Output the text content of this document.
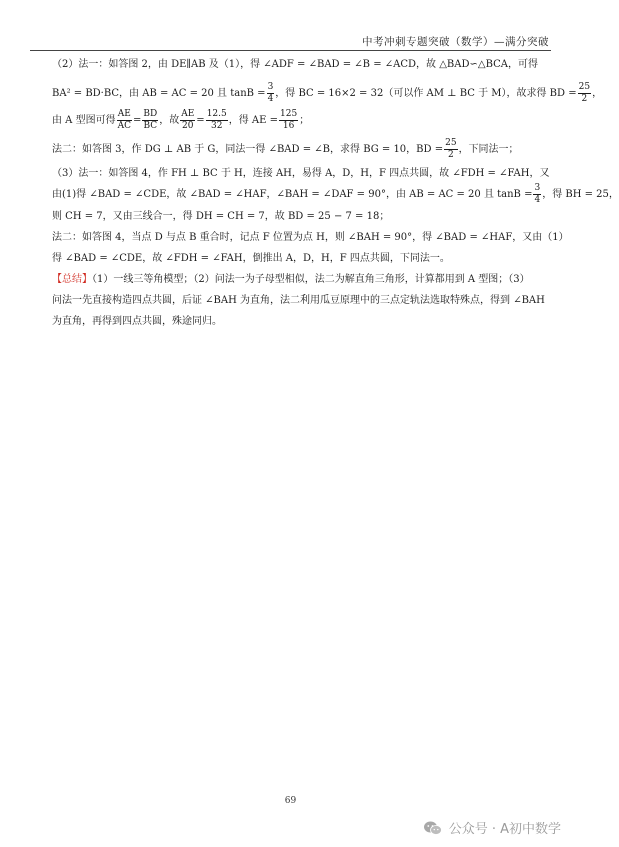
中考冲刺专题突破（数学）—满分突破

（2）法一：如答图 2，由 DE∥AB 及（1），得 ∠ADF = ∠BAD = ∠B = ∠ACD，故 △BAD∽△BCA，可得

BA² = BD·BC，由 AB = AC = 20 且 $\tan B = \frac{3}{4}$ ，得 BC = 16×2 = 32（可以作 AM ⊥ BC 于 M），故求得 BD = $\frac{25}{2}$ ，
由 A 型图可得 $\frac{AE}{AC} = \frac{BD}{BC}$ ，故 $\frac{AE}{20} = \frac{12.5}{32}$ ，得 AE = $\frac{125}{16}$ ；
法二：如答图 3，作 DG ⊥ AB 于 G，同法一得 ∠BAD = ∠B，求得 BG = 10，BD = $\frac{25}{2}$ ，下同法一；

（3）法一：如答图 4，作 FH ⊥ BC 于 H，连接 AH，易得 A，D，H，F 四点共圆，故 ∠FDH = ∠FAH，又

由(1)得 ∠BAD = ∠CDE，故 ∠BAD = ∠HAF，∠BAH = ∠DAF = 90°，由 AB = AC = 20 且 $\tan B = \frac{3}{4}$ ，得 BH = 25，

则 CH = 7，又由三线合一，得 DH = CH = 7，故 BD = 25 − 7 = 18；

法二：如答图 4，当点 D 与点 B 重合时，记点 F 位置为点 H，则 ∠BAH = 90°，得 ∠BAD = ∠HAF，又由（1）

得 ∠BAD = ∠CDE，故 ∠FDH = ∠FAH，倒推出 A，D，H，F 四点共圆，下同法一。

【总结】（1）一线三等角模型；（2）问法一为子母型相似，法二为解直角三角形，计算都用到 A 型图；（3）

问法一先直接构造四点共圆，后证 ∠BAH 为直角，法二利用瓜豆原理中的三点定轨法选取特殊点，得到 ∠BAH

为直角，再得到四点共圆，殊途同归。

69
公众号 · A初中数学
